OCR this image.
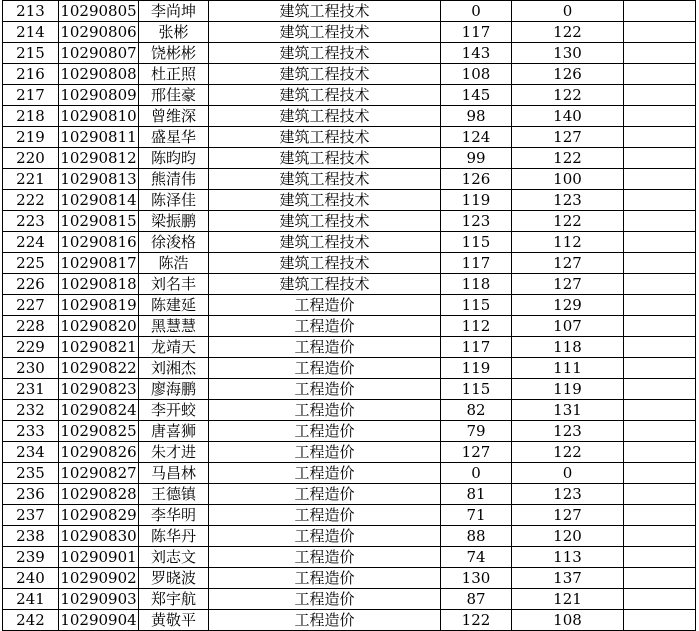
213	10290805	李尚坤	建筑工程技术	0	0	
214	10290806	张彬	建筑工程技术	117	122	
215	10290807	饶彬彬	建筑工程技术	143	130	
216	10290808	杜正照	建筑工程技术	108	126	
217	10290809	邢佳豪	建筑工程技术	145	122	
218	10290810	曾维深	建筑工程技术	98	140	
219	10290811	盛星华	建筑工程技术	124	127	
220	10290812	陈昀昀	建筑工程技术	99	122	
221	10290813	熊清伟	建筑工程技术	126	100	
222	10290814	陈泽佳	建筑工程技术	119	123	
223	10290815	梁振鹏	建筑工程技术	123	122	
224	10290816	徐浚格	建筑工程技术	115	112	
225	10290817	陈浩	建筑工程技术	117	127	
226	10290818	刘名丰	建筑工程技术	118	127	
227	10290819	陈建延	工程造价	115	129	
228	10290820	黑慧慧	工程造价	112	107	
229	10290821	龙靖天	工程造价	117	118	
230	10290822	刘湘杰	工程造价	119	111	
231	10290823	廖海鹏	工程造价	115	119	
232	10290824	李开蛟	工程造价	82	131	
233	10290825	唐喜狮	工程造价	79	123	
234	10290826	朱才进	工程造价	127	122	
235	10290827	马昌林	工程造价	0	0	
236	10290828	王德镇	工程造价	81	123	
237	10290829	李华明	工程造价	71	127	
238	10290830	陈华丹	工程造价	88	120	
239	10290901	刘志文	工程造价	74	113	
240	10290902	罗晓波	工程造价	130	137	
241	10290903	郑宇航	工程造价	87	121	
242	10290904	黄敬平	工程造价	122	108	
